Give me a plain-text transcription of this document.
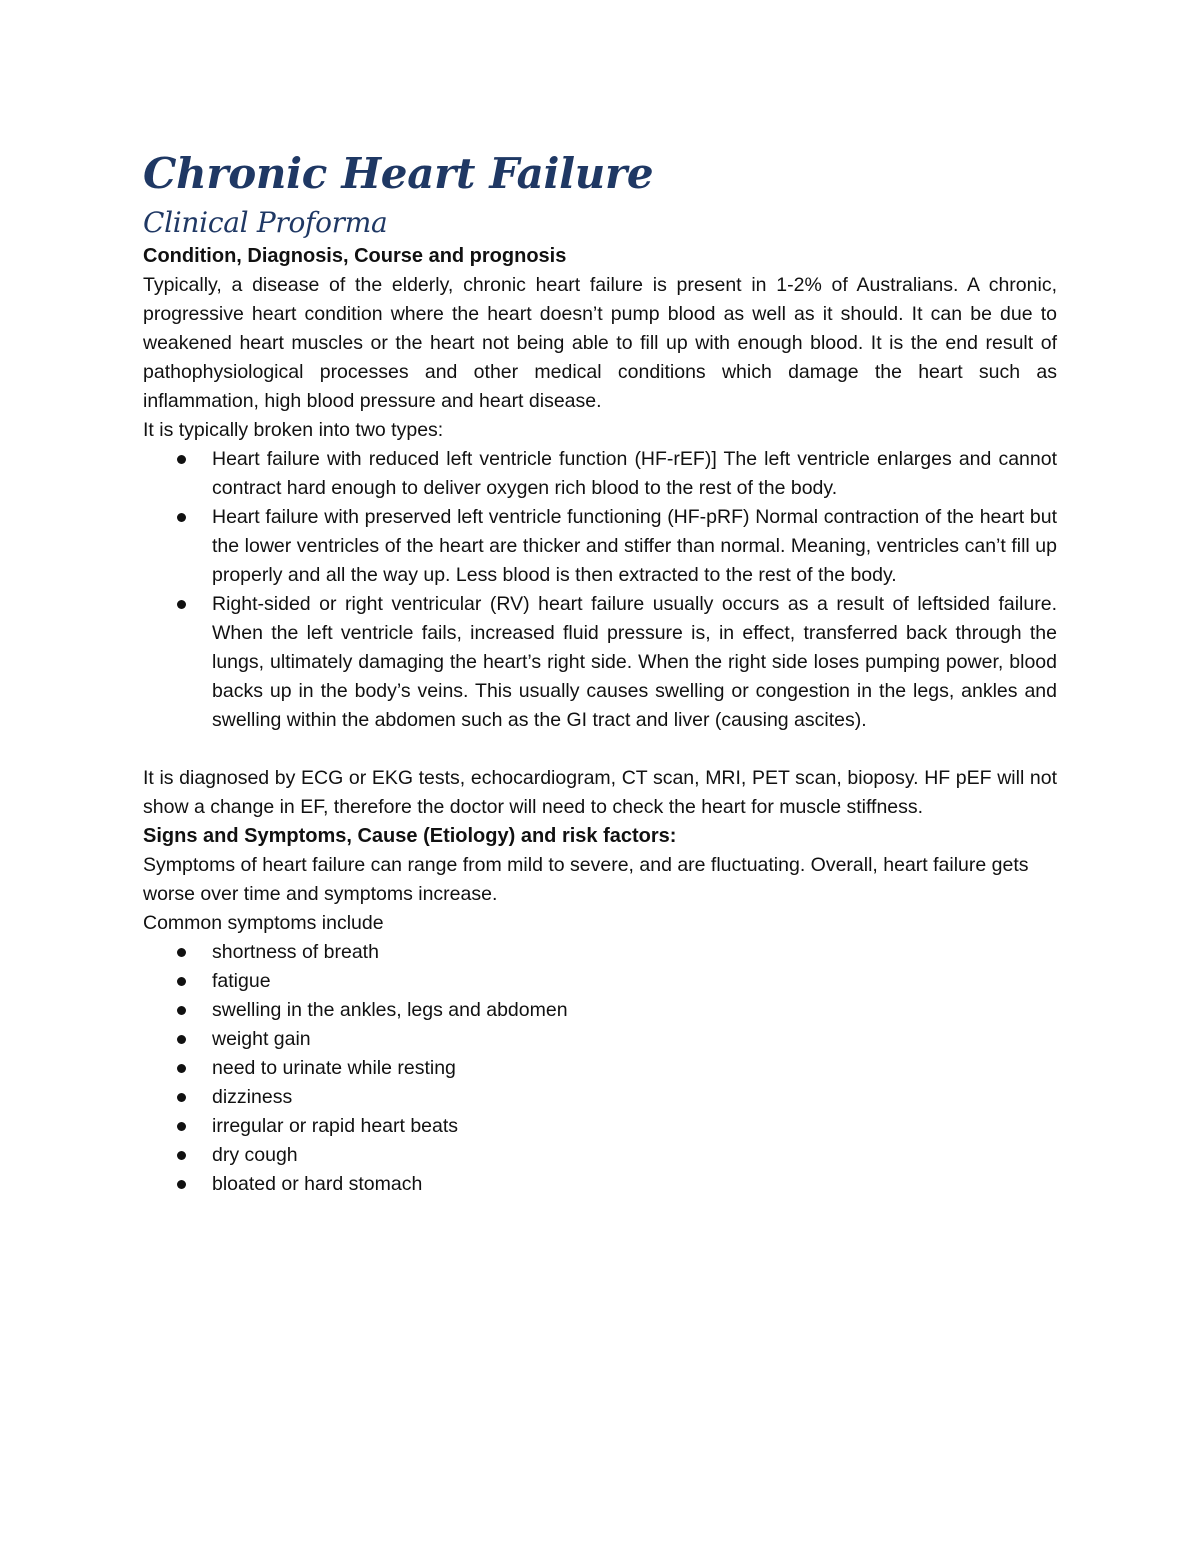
Chronic Heart Failure
Clinical Proforma
Condition, Diagnosis, Course and prognosis

Typically, a disease of the elderly, chronic heart failure is present in 1-2% of Australians. A chronic, progressive heart condition where the heart doesn’t pump blood as well as it should. It can be due to weakened heart muscles or the heart not being able to fill up with enough blood. It is the end result of pathophysiological processes and other medical conditions which damage the heart such as inflammation, high blood pressure and heart disease.

It is typically broken into two types:

Heart failure with reduced left ventricle function (HF-rEF)] The left ventricle enlarges and cannot contract hard enough to deliver oxygen rich blood to the rest of the body.
Heart failure with preserved left ventricle functioning (HF-pRF) Normal contraction of the heart but the lower ventricles of the heart are thicker and stiffer than normal. Meaning, ventricles can’t fill up properly and all the way up. Less blood is then extracted to the rest of the body.
Right-sided or right ventricular (RV) heart failure usually occurs as a result of leftsided failure. When the left ventricle fails, increased fluid pressure is, in effect, transferred back through the lungs, ultimately damaging the heart’s right side. When the right side loses pumping power, blood backs up in the body’s veins. This usually causes swelling or congestion in the legs, ankles and swelling within the abdomen such as the GI tract and liver (causing ascites).

It is diagnosed by ECG or EKG tests, echocardiogram, CT scan, MRI, PET scan, bioposy. HF pEF will not show a change in EF, therefore the doctor will need to check the heart for muscle stiffness.

Signs and Symptoms, Cause (Etiology) and risk factors:

Symptoms of heart failure can range from mild to severe, and are fluctuating. Overall, heart failure gets worse over time and symptoms increase.

Common symptoms include

shortness of breath
fatigue
swelling in the ankles, legs and abdomen
weight gain
need to urinate while resting
dizziness
irregular or rapid heart beats
dry cough
bloated or hard stomach
